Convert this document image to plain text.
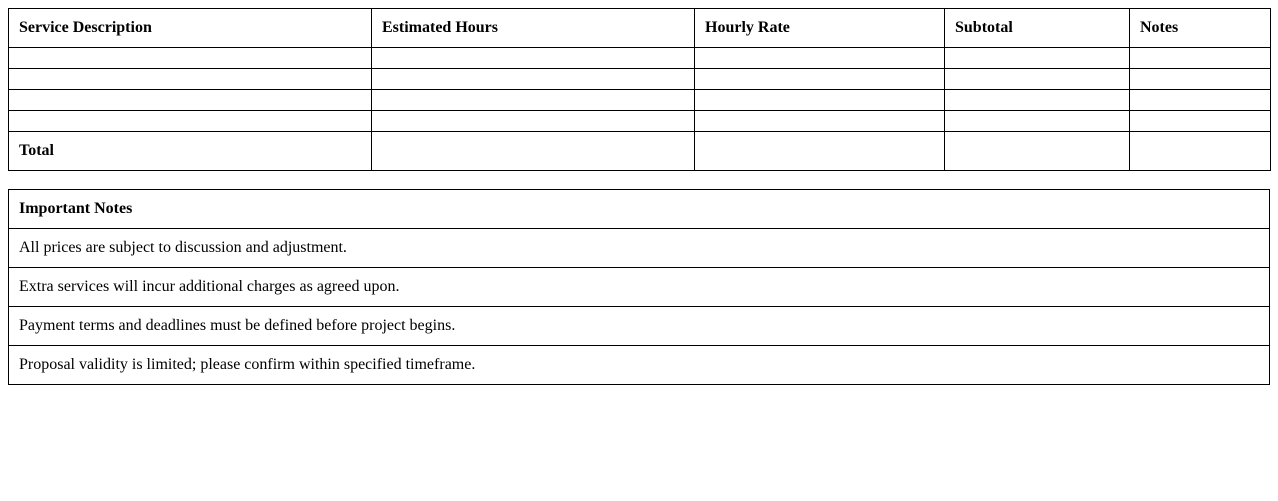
Service Description	Estimated Hours	Hourly Rate	Subtotal	Notes

Total				
Important Notes
All prices are subject to discussion and adjustment.
Extra services will incur additional charges as agreed upon.
Payment terms and deadlines must be defined before project begins.
Proposal validity is limited; please confirm within specified timeframe.
